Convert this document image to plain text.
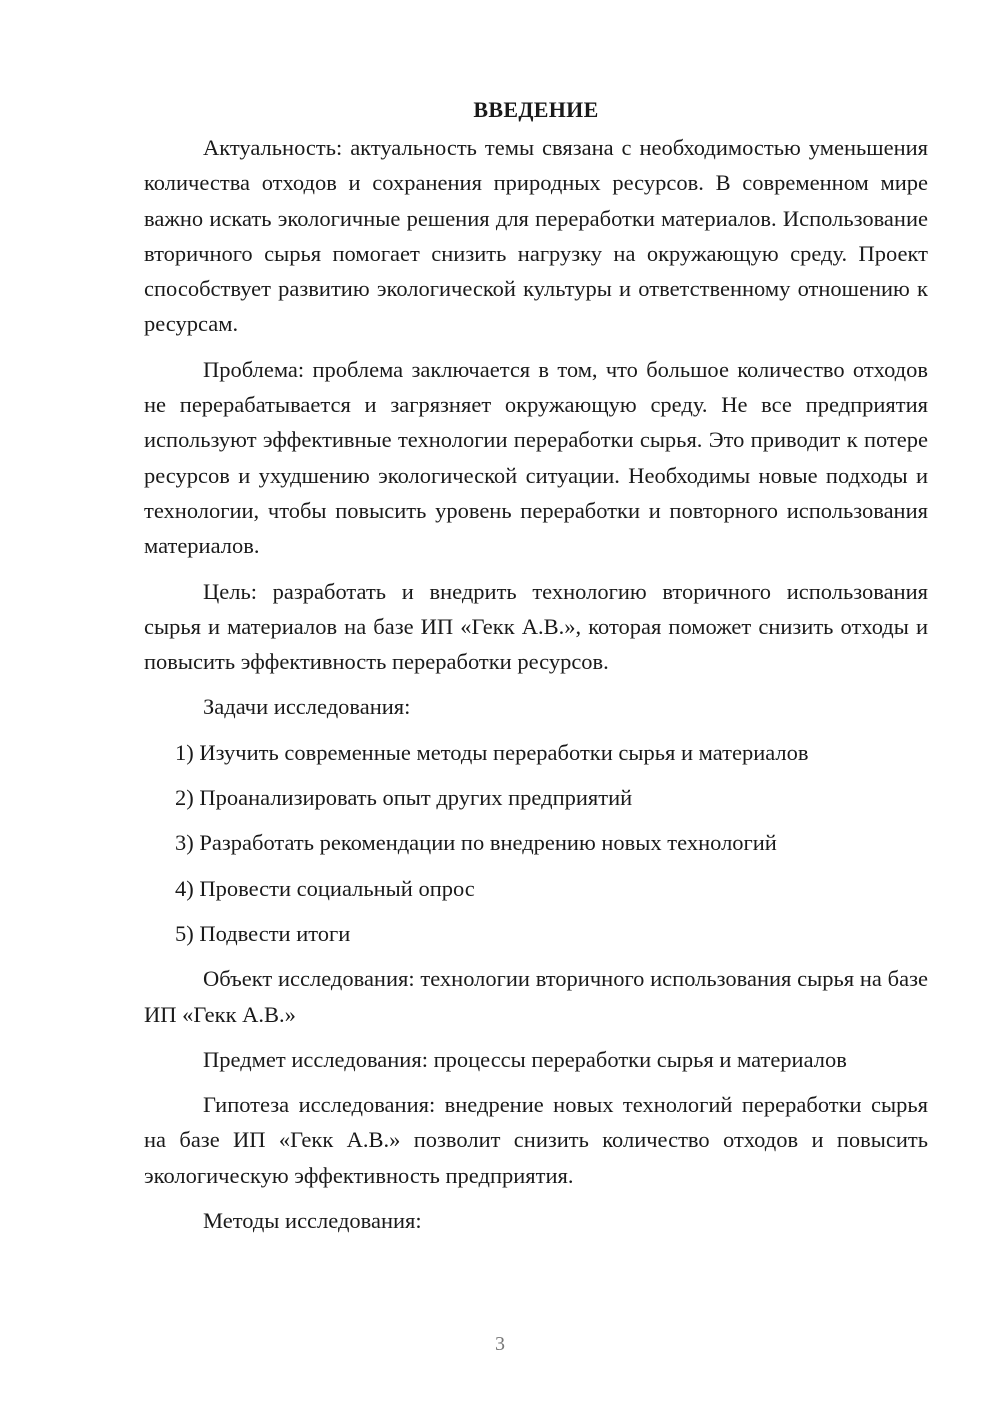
ВВЕДЕНИЕ

Актуальность: актуальность темы связана с необходимостью уменьшения количества отходов и сохранения природных ресурсов. В современном мире важно искать экологичные решения для переработки материалов. Использование вторичного сырья помогает снизить нагрузку на окружающую среду. Проект способствует развитию экологической культуры и ответственному отношению к ресурсам.

Проблема: проблема заключается в том, что большое количество отходов не перерабатывается и загрязняет окружающую среду. Не все предприятия используют эффективные технологии переработки сырья. Это приводит к потере ресурсов и ухудшению экологической ситуации. Необходимы новые подходы и технологии, чтобы повысить уровень переработки и повторного использования материалов.

Цель: разработать и внедрить технологию вторичного использования сырья и материалов на базе ИП «Гекк А.В.», которая поможет снизить отходы и повысить эффективность переработки ресурсов.

Задачи исследования:

1) Изучить современные методы переработки сырья и материалов
2) Проанализировать опыт других предприятий
3) Разработать рекомендации по внедрению новых технологий
4) Провести социальный опрос
5) Подвести итоги

Объект исследования: технологии вторичного использования сырья на базе ИП «Гекк А.В.»

Предмет исследования: процессы переработки сырья и материалов

Гипотеза исследования: внедрение новых технологий переработки сырья на базе ИП «Гекк А.В.» позволит снизить количество отходов и повысить экологическую эффективность предприятия.

Методы исследования:

3
